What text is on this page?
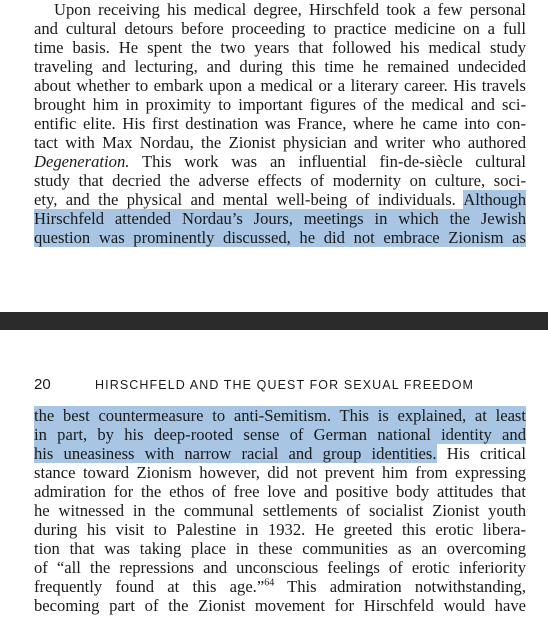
Upon receiving his medical degree, Hirschfeld took a few personal
and cultural detours before proceeding to practice medicine on a full
time basis. He spent the two years that followed his medical study
traveling and lecturing, and during this time he remained undecided
about whether to embark upon a medical or a literary career. His travels
brought him in proximity to important figures of the medical and sci-
entific elite. His first destination was France, where he came into con-
tact with Max Nordau, the Zionist physician and writer who authored
Degeneration. This work was an influential fin-de-siècle cultural
study that decried the adverse effects of modernity on culture, soci-
ety, and the physical and mental well-being of individuals. Although
Hirschfeld attended Nordau’s Jours, meetings in which the Jewish
question was prominently discussed, he did not embrace Zionism as
20	HIRSCHFELD AND THE QUEST FOR SEXUAL FREEDOM
the best countermeasure to anti-Semitism. This is explained, at least
in part, by his deep-rooted sense of German national identity and
his uneasiness with narrow racial and group identities. His critical
stance toward Zionism however, did not prevent him from expressing
admiration for the ethos of free love and positive body attitudes that
he witnessed in the communal settlements of socialist Zionist youth
during his visit to Palestine in 1932. He greeted this erotic libera-
tion that was taking place in these communities as an overcoming
of “all the repressions and unconscious feelings of erotic inferiority
frequently found at this age.”$^{64}$ This admiration notwithstanding,
becoming part of the Zionist movement for Hirschfeld would have
